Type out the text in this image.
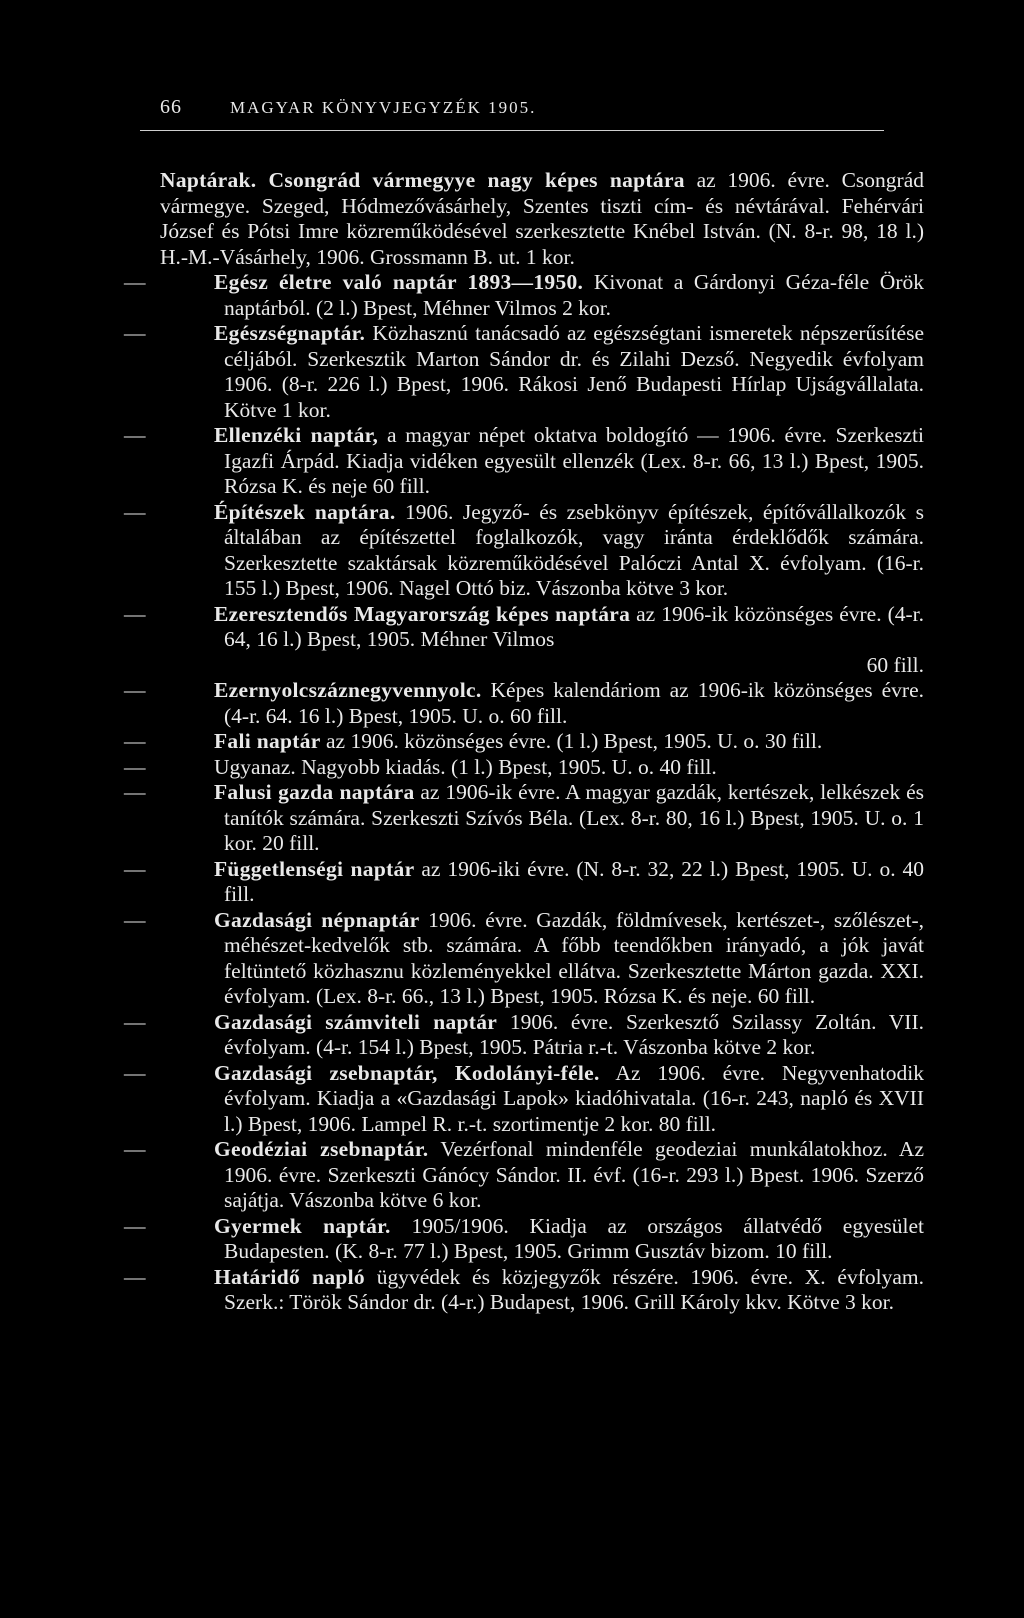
66	MAGYAR KÖNYVJEGYZÉK 1905.

Naptárak. Csongrád vármegyye nagy képes naptára az 1906. évre. Csongrád vármegye. Szeged, Hódmezővásárhely, Szentes tiszti cím- és névtárával. Fehérvári József és Pótsi Imre közreműködésével szerkesztette Knébel István. (N. 8-r. 98, 18 l.) H.-M.-Vásárhely, 1906. Grossmann B. ut. 1 kor.

—	Egész életre való naptár 1893—1950. Kivonat a Gárdonyi Géza-féle Örök naptárból. (2 l.) Bpest, Méhner Vilmos 2 kor.

—	Egészségnaptár. Közhasznú tanácsadó az egészségtani ismeretek népszerűsítése céljából. Szerkesztik Marton Sándor dr. és Zilahi Dezső. Negyedik évfolyam 1906. (8-r. 226 l.) Bpest, 1906. Rákosi Jenő Budapesti Hírlap Ujságvállalata. Kötve 1 kor.

—	Ellenzéki naptár, a magyar népet oktatva boldogító — 1906. évre. Szerkeszti Igazfi Árpád. Kiadja vidéken egyesült ellenzék (Lex. 8-r. 66, 13 l.) Bpest, 1905. Rózsa K. és neje 60 fill.

—	Építészek naptára. 1906. Jegyző- és zsebkönyv építészek, építővállalkozók s általában az építészettel foglalkozók, vagy iránta érdeklődők számára. Szerkesztette szaktársak közreműködésével Palóczi Antal X. évfolyam. (16-r. 155 l.) Bpest, 1906. Nagel Ottó biz. Vászonba kötve 3 kor.

—	Ezeresztendős Magyarország képes naptára az 1906-ik közönséges évre. (4-r. 64, 16 l.) Bpest, 1905. Méhner Vilmos
60 fill.

—	Ezernyolcszáznegyvennyolc. Képes kalendáriom az 1906-ik közönséges évre. (4-r. 64. 16 l.) Bpest, 1905. U. o. 60 fill.

—	Fali naptár az 1906. közönséges évre. (1 l.) Bpest, 1905. U. o. 30 fill.

—	Ugyanaz. Nagyobb kiadás. (1 l.) Bpest, 1905. U. o. 40 fill.

—	Falusi gazda naptára az 1906-ik évre. A magyar gazdák, kertészek, lelkészek és tanítók számára. Szerkeszti Szívós Béla. (Lex. 8-r. 80, 16 l.) Bpest, 1905. U. o. 1 kor. 20 fill.

—	Függetlenségi naptár az 1906-iki évre. (N. 8-r. 32, 22 l.) Bpest, 1905. U. o. 40 fill.

—	Gazdasági népnaptár 1906. évre. Gazdák, földmívesek, kertészet-, szőlészet-, méhészet-kedvelők stb. számára. A főbb teendőkben irányadó, a jók javát feltüntető közhasznu közleményekkel ellátva. Szerkesztette Márton gazda. XXI. évfolyam. (Lex. 8-r. 66., 13 l.) Bpest, 1905. Rózsa K. és neje. 60 fill.

—	Gazdasági számviteli naptár 1906. évre. Szerkesztő Szilassy Zoltán. VII. évfolyam. (4-r. 154 l.) Bpest, 1905. Pátria r.-t. Vászonba kötve 2 kor.

—	Gazdasági zsebnaptár, Kodolányi-féle. Az 1906. évre. Negyvenhatodik évfolyam. Kiadja a «Gazdasági Lapok» kiadóhivatala. (16-r. 243, napló és XVII l.) Bpest, 1906. Lampel R. r.-t. szortimentje 2 kor. 80 fill.

—	Geodéziai zsebnaptár. Vezérfonal mindenféle geodeziai munkálatokhoz. Az 1906. évre. Szerkeszti Gánócy Sándor. II. évf. (16-r. 293 l.) Bpest. 1906. Szerző sajátja. Vászonba kötve 6 kor.

—	Gyermek naptár. 1905/1906. Kiadja az országos állatvédő egyesület Budapesten. (K. 8-r. 77 l.) Bpest, 1905. Grimm Gusztáv bizom. 10 fill.

—	Határidő napló ügyvédek és közjegyzők részére. 1906. évre. X. évfolyam. Szerk.: Török Sándor dr. (4-r.) Budapest, 1906. Grill Károly kkv. Kötve 3 kor.
